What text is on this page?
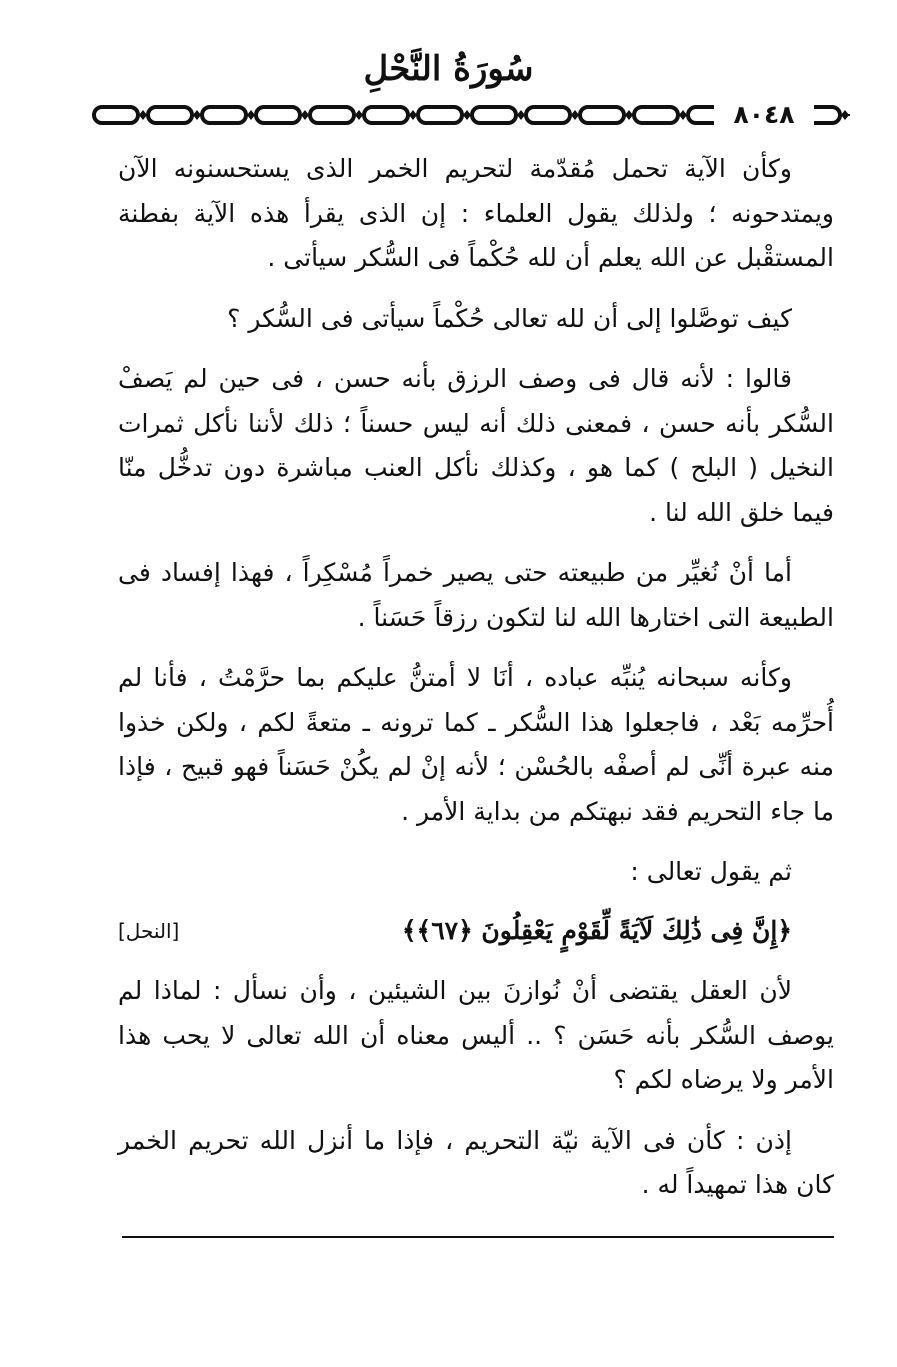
سُورَةُ النَّحْلِ
٨٠٤٨

وكأن الآية تحمل مُقدّمة لتحريم الخمر الذى يستحسنونه الآن ويمتدحونه ؛ ولذلك يقول العلماء : إن الذى يقرأ هذه الآية بفطنة المستقْبل عن الله يعلم أن لله حُكْماً فى السُّكر سيأتى .

كيف توصَّلوا إلى أن لله تعالى حُكْماً سيأتى فى السُّكر ؟

قالوا : لأنه قال فى وصف الرزق بأنه حسن ، فى حين لم يَصفْ السُّكر بأنه حسن ، فمعنى ذلك أنه ليس حسناً ؛ ذلك لأننا نأكل ثمرات النخيل ( البلح ) كما هو ، وكذلك نأكل العنب مباشرة دون تدخُّل منّا فيما خلق الله لنا .

أما أنْ نُغيِّر من طبيعته حتى يصير خمراً مُسْكِراً ، فهذا إفساد فى الطبيعة التى اختارها الله لنا لتكون رزقاً حَسَناً .

وكأنه سبحانه يُنبِّه عباده ، أنَا لا أمتنُّ عليكم بما حرَّمْتُ ، فأنا لم أُحرِّمه بَعْد ، فاجعلوا هذا السُّكر ـ كما ترونه ـ متعةً لكم ، ولكن خذوا منه عبرة أنِّى لم أصفْه بالحُسْن ؛ لأنه إنْ لم يكُنْ حَسَناً فهو قبيح ، فإذا ما جاء التحريم فقد نبهتكم من بداية الأمر .

ثم يقول تعالى :

﴿إِنَّ فِى ذَٰلِكَ لَآيَةً لِّقَوْمٍ يَعْقِلُونَ ﴿٦٧﴾﴾
[النحل]

لأن العقل يقتضى أنْ نُوازنَ بين الشيئين ، وأن نسأل : لماذا لم يوصف السُّكر بأنه حَسَن ؟ .. أليس معناه أن الله تعالى لا يحب هذا الأمر ولا يرضاه لكم ؟

إذن : كأن فى الآية نيّة التحريم ، فإذا ما أنزل الله تحريم الخمر كان هذا تمهيداً له .
